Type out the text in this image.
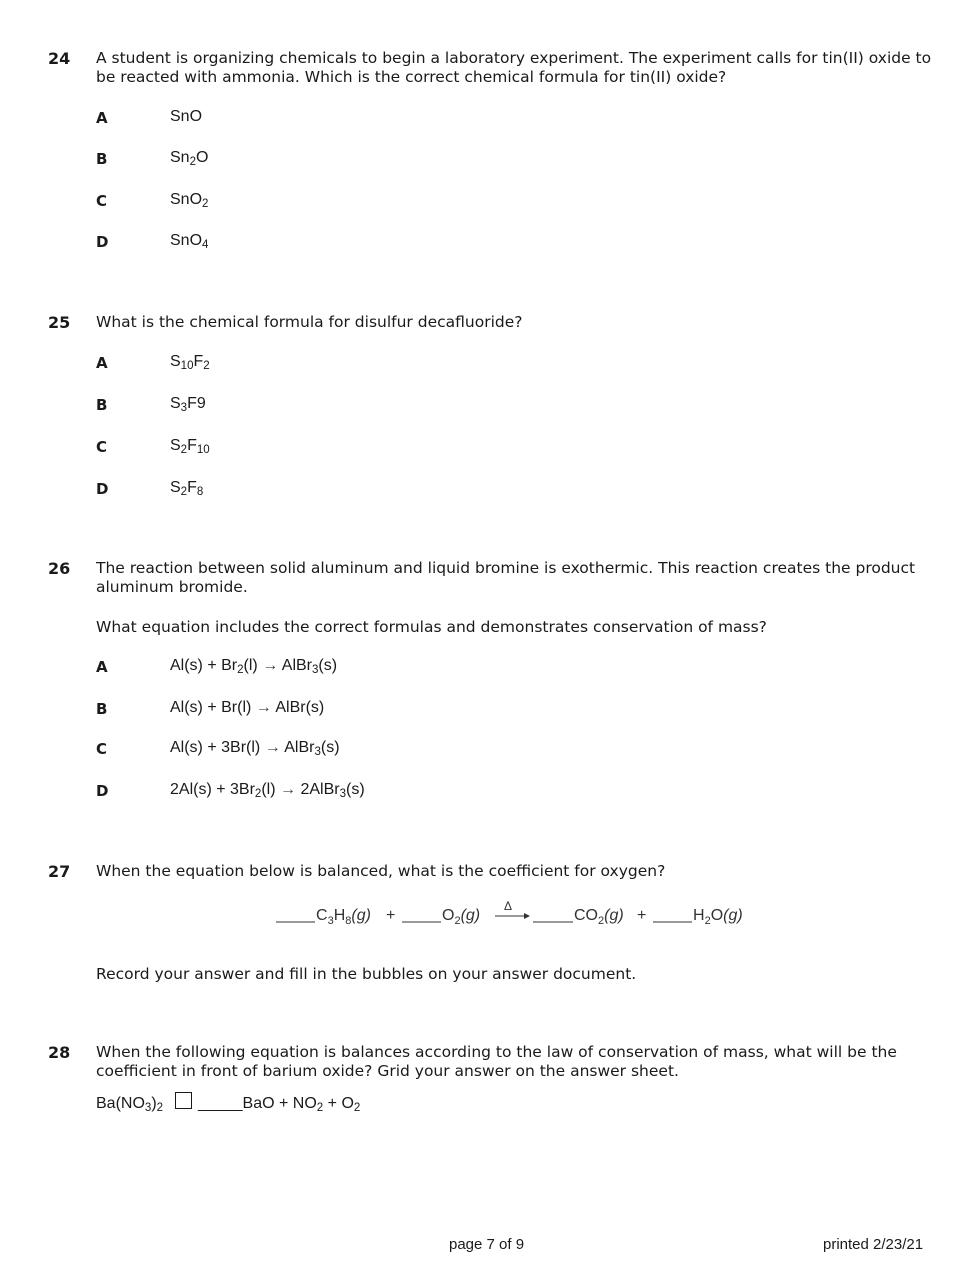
24 A student is organizing chemicals to begin a laboratory experiment. The experiment calls for tin(II) oxide to be reacted with ammonia. Which is the correct chemical formula for tin(II) oxide?
A	SnO
B	$Sn_2O$
C	SnO$_2$
D	SnO$_4$
25 What is the chemical formula for disulfur decafluoride?
A	$S_{10}F_2$
B	$S_3F9$
C	$S_2F_{10}$
D	$S_2F_8$
26 The reaction between solid aluminum and liquid bromine is exothermic. This reaction creates the product aluminum bromide.
What equation includes the correct formulas and demonstrates conservation of mass?
A	$Al(s) + Br_2(l)$ → AlBr$_3$(s)
B	Al(s) + Br(l) → AlBr(s)
C	Al(s) + 3Br(l) → AlBr$_3$(s)
D	$2Al(s) + 3Br_2(l)$ → 2AlBr$_3$(s)
27 When the equation below is balanced, what is the coefficient for oxygen?
$C_3H_8(g)$ +	$O_2(g)$
Δ
$CO_2(g)$ +	$H_2O(g)$
Record your answer and fill in the bubbles on your answer document.
28 When the following equation is balances according to the law of conservation of mass, what will be the coefficient in front of barium oxide? Grid your answer on the answer sheet.
$Ba(NO_3)_2$ _____BaO + $NO_2 + O_2$
page 7 of 9	printed 2/23/21
